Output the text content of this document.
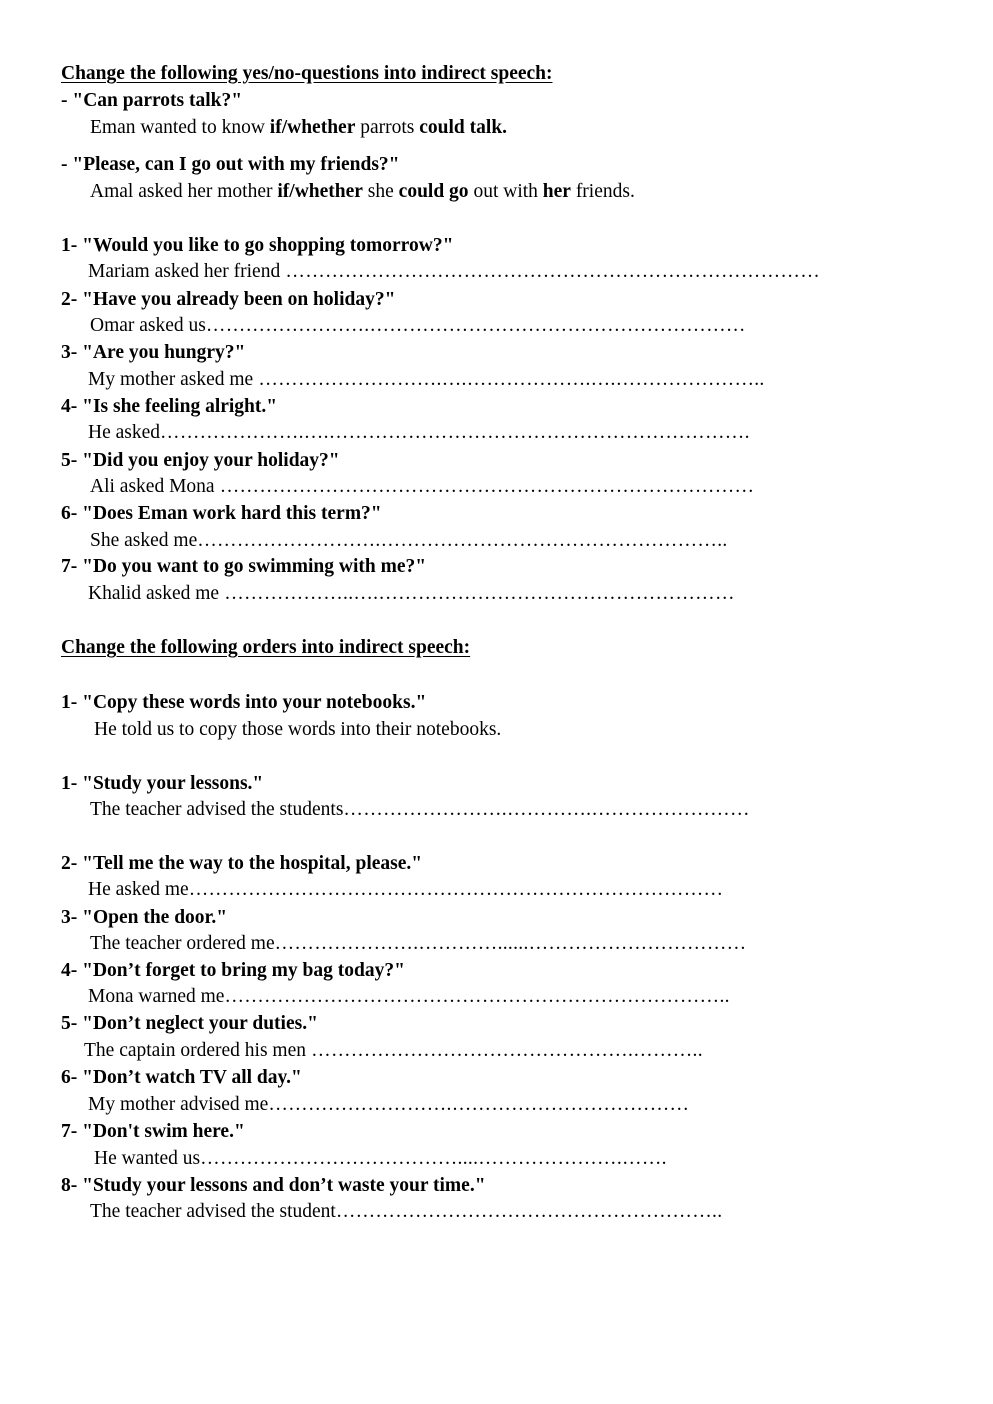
Change the following yes/no-questions into indirect speech:

- "Can parrots talk?"

Eman wanted to know if/whether parrots could talk.

- "Please, can I go out with my friends?"

Amal asked her mother if/whether she could go out with her friends.

1- "Would you like to go shopping tomorrow?"

Mariam asked her friend ………………………………………………………………………

2- "Have you already been on holiday?"

Omar asked us…………………….…………………………………………………

3- "Are you hungry?"

My mother asked me ……………………….….……………….….…………………..

4- "Is she feeling alright."

He asked………………….….……………………………………………………….

5- "Did you enjoy your holiday?"

Ali asked Mona ………………………………………………………………………

6- "Does Eman work hard this term?"

She asked me……………………….……………………………………………..

7- "Do you want to go swimming with me?"

Khalid asked me ………………..….………………………………………………

Change the following orders into indirect speech:

1- "Copy these words into your notebooks."

He told us to copy those words into their notebooks.

1- "Study your lessons."

The teacher advised the students…………………….………….……………………

2- "Tell me the way to the hospital, please."

He asked me………………………………………………………………………

3- "Open the door."

The teacher ordered me………………….…………......……………………………

4- "Don’t forget to bring my bag today?"

Mona warned me…………………………………………………………………..

5- "Don’t neglect your duties."

The captain ordered his men ………………………………………….………..

6- "Don’t watch TV all day."

My mother advised me……………………….………………………………

7- "Don't swim here."

He wanted us…………………………………....………………….…….

8- "Study your lessons and don’t waste your time."

The teacher advised the student…………………………………………………..
